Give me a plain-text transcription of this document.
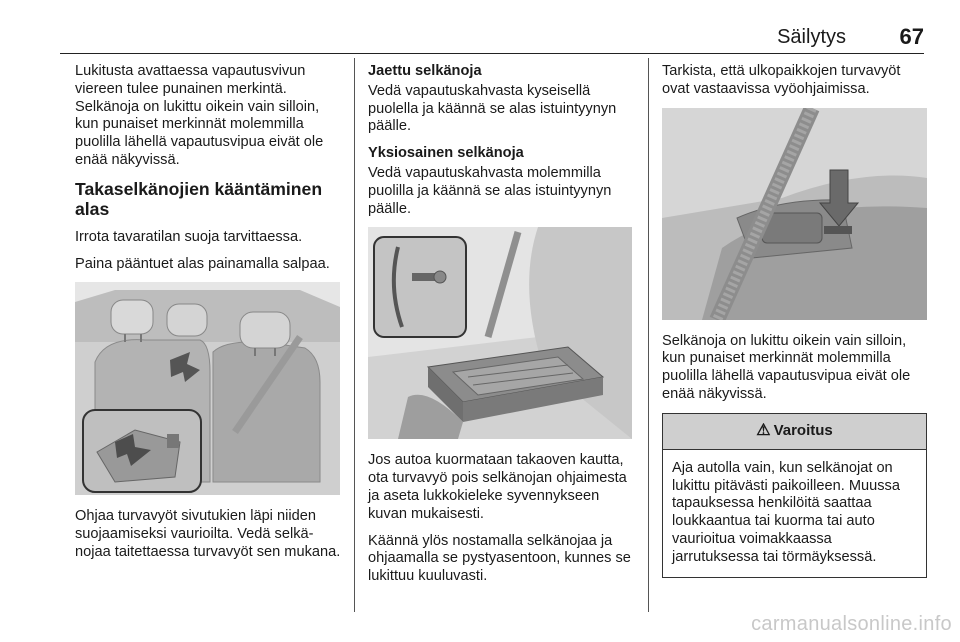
Säilytys 67

Lukitusta avattaessa vapautusvivun viereen tulee punainen merkintä. Selkänoja on lukittu oikein vain silloin, kun punaiset merkinnät molemmilla puolilla lähellä vapautusvipua eivät ole enää näkyvissä.

Takaselkänojien kääntäminen alas

Irrota tavaratilan suoja tarvittaessa.

Paina pääntuet alas painamalla salpaa.

Ohjaa turvavyöt sivutukien läpi niiden suojaamiseksi vaurioilta. Vedä selkänojaa taitettaessa turvavyöt sen mukana.

Jaettu selkänoja

Vedä vapautuskahvasta kyseisellä puolella ja käännä se alas istuintyynyn päälle.

Yksiosainen selkänoja

Vedä vapautuskahvasta molemmilla puolilla ja käännä se alas istuintyynyn päälle.

Jos autoa kuormataan takaoven kautta, ota turvavyö pois selkänojan ohjaimesta ja aseta lukkokieleke syvennykseen kuvan mukaisesti.

Käännä ylös nostamalla selkänojaa ja ohjaamalla se pystyasentoon, kunnes se lukittuu kuuluvasti.

Tarkista, että ulkopaikkojen turvavyöt ovat vastaavissa vyöohjaimissa.

Selkänoja on lukittu oikein vain silloin, kun punaiset merkinnät molemmilla puolilla lähellä vapautusvipua eivät ole enää näkyvissä.

⚠ Varoitus
Aja autolla vain, kun selkänojat on lukittu pitävästi paikoilleen. Muussa tapauksessa henkilöitä saattaa loukkaantua tai kuorma tai auto vaurioitua voimakkaassa jarrutuksessa tai törmäyksessä.
carmanualsonline.info
